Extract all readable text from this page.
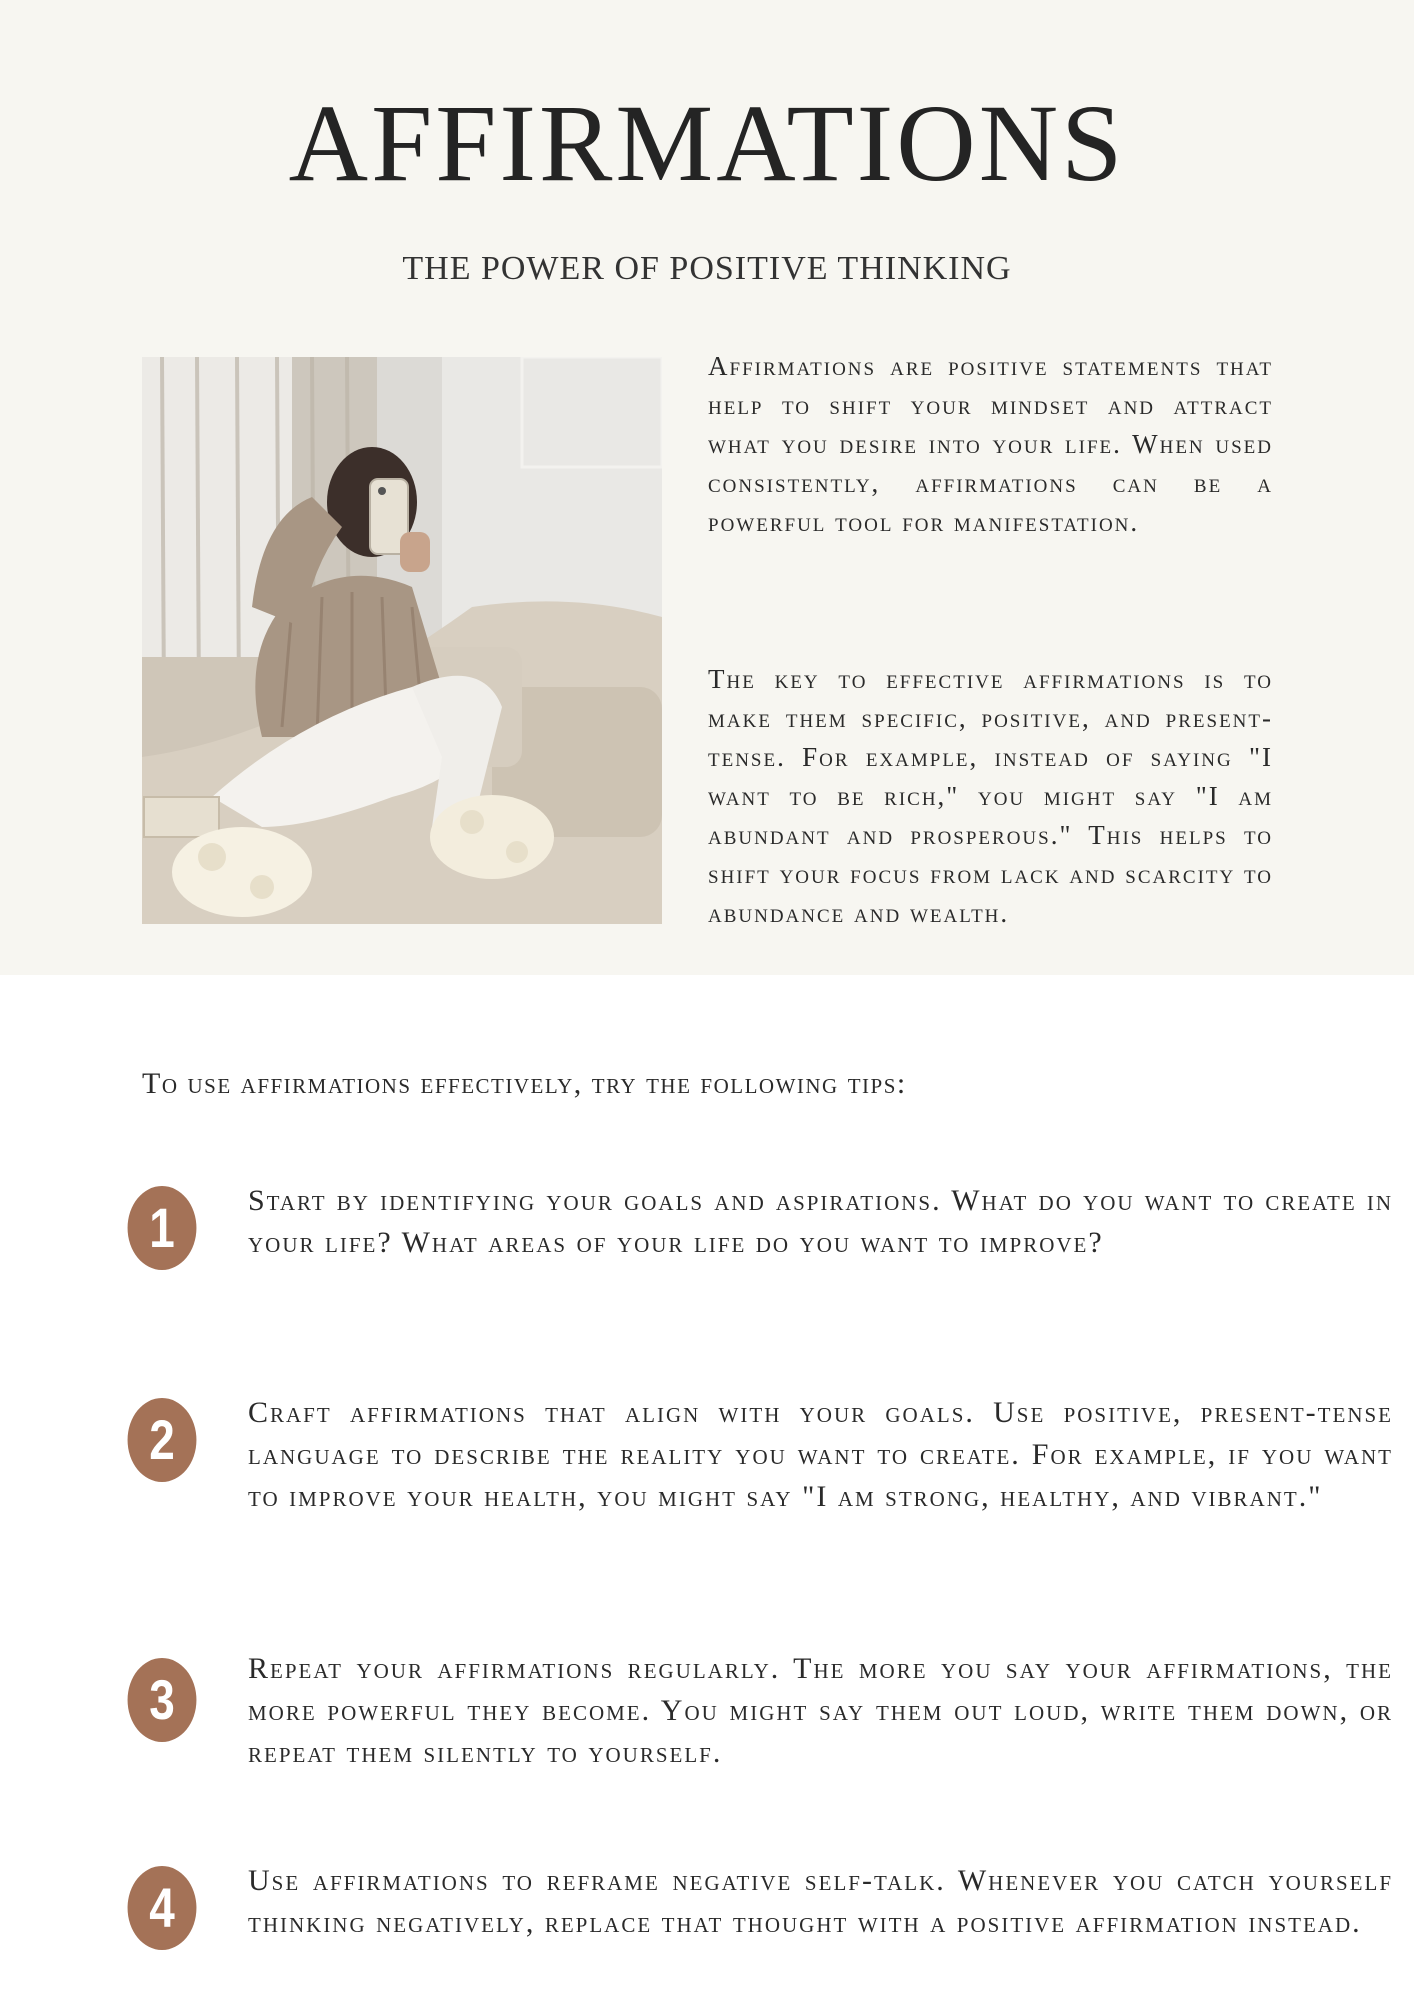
AFFIRMATIONS

THE POWER OF POSITIVE THINKING

Affirmations are positive statements that help to shift your mindset and attract what you desire into your life. When used consistently, affirmations can be a powerful tool for manifestation.

The key to effective affirmations is to make them specific, positive, and present-tense. For example, instead of saying "I want to be rich," you might say "I am abundant and prosperous." This helps to shift your focus from lack and scarcity to abundance and wealth.

To use affirmations effectively, try the following tips:

1	Start by identifying your goals and aspirations. What do you want to create in your life? What areas of your life do you want to improve?

2	Craft affirmations that align with your goals. Use positive, present-tense language to describe the reality you want to create. For example, if you want to improve your health, you might say "I am strong, healthy, and vibrant."

3	Repeat your affirmations regularly. The more you say your affirmations, the more powerful they become. You might say them out loud, write them down, or repeat them silently to yourself.

4	Use affirmations to reframe negative self-talk. Whenever you catch yourself thinking negatively, replace that thought with a positive affirmation instead.
